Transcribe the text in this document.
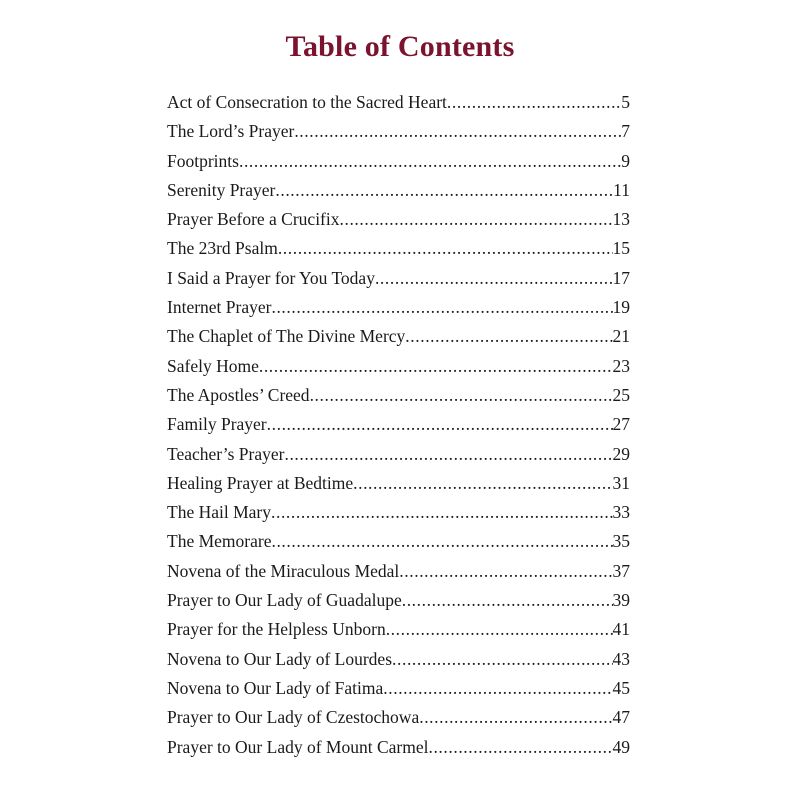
Table of Contents
Act of Consecration to the Sacred Heart .....	5
The Lord’s Prayer .....	7
Footprints .....	9
Serenity Prayer .....	11
Prayer Before a Crucifix .....	13
The 23rd Psalm .....	15
I Said a Prayer for You Today .....	17
Internet Prayer .....	19
The Chaplet of The Divine Mercy .....	21
Safely Home .....	23
The Apostles’ Creed .....	25
Family Prayer .....	27
Teacher’s Prayer .....	29
Healing Prayer at Bedtime .....	31
The Hail Mary .....	33
The Memorare .....	35
Novena of the Miraculous Medal .....	37
Prayer to Our Lady of Guadalupe .....	39
Prayer for the Helpless Unborn .....	41
Novena to Our Lady of Lourdes .....	43
Novena to Our Lady of Fatima .....	45
Prayer to Our Lady of Czestochowa .....	47
Prayer to Our Lady of Mount Carmel .....	49
